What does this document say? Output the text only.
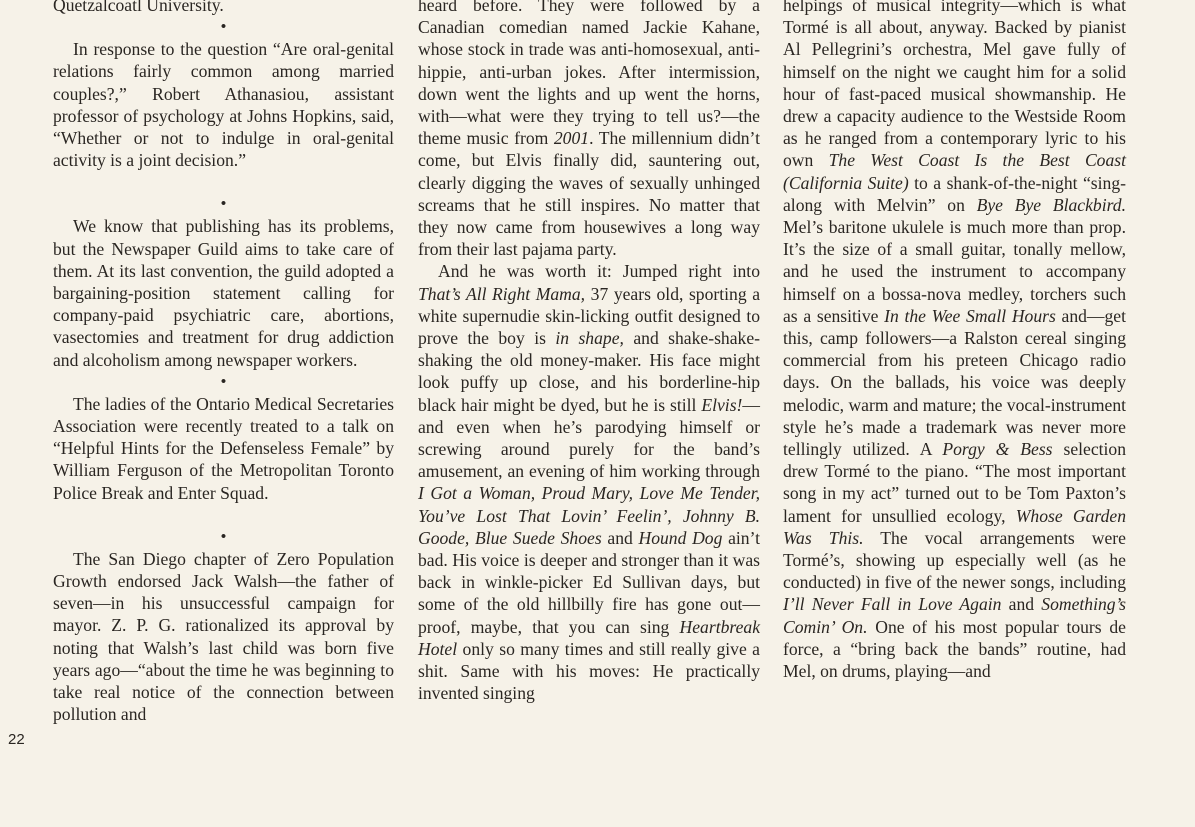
22

Quetzalcoatl University.

•

In response to the question “Are oral-genital relations fairly common among married couples?,” Robert Athanasiou, assistant professor of psychology at Johns Hopkins, said, “Whether or not to indulge in oral-genital activity is a joint decision.”

•

We know that publishing has its problems, but the Newspaper Guild aims to take care of them. At its last convention, the guild adopted a bargaining-position statement calling for company-paid psychiatric care, abortions, vasectomies and treatment for drug addiction and alcoholism among newspaper workers.

•

The ladies of the Ontario Medical Secretaries Association were recently treated to a talk on “Helpful Hints for the Defenseless Female” by William Ferguson of the Metropolitan Toronto Police Break and Enter Squad.

•

The San Diego chapter of Zero Population Growth endorsed Jack Walsh—the father of seven—in his unsuccessful campaign for mayor. Z. P. G. rationalized its approval by noting that Walsh’s last child was born five years ago—“about the time he was beginning to take real notice of the connection between pollution and

heard before. They were followed by a Canadian comedian named Jackie Kahane, whose stock in trade was anti-homosexual, anti-hippie, anti-urban jokes. After intermission, down went the lights and up went the horns, with—what were they trying to tell us?—the theme music from 2001. The millennium didn’t come, but Elvis finally did, sauntering out, clearly digging the waves of sexually unhinged screams that he still inspires. No matter that they now came from housewives a long way from their last pajama party.

And he was worth it: Jumped right into That’s All Right Mama, 37 years old, sporting a white supernudie skin-licking outfit designed to prove the boy is in shape, and shake-shake-shaking the old money-maker. His face might look puffy up close, and his borderline-hip black hair might be dyed, but he is still Elvis!—and even when he’s parodying himself or screwing around purely for the band’s amusement, an evening of him working through I Got a Woman, Proud Mary, Love Me Tender, You’ve Lost That Lovin’ Feelin’, Johnny B. Goode, Blue Suede Shoes and Hound Dog ain’t bad. His voice is deeper and stronger than it was back in winkle-picker Ed Sullivan days, but some of the old hillbilly fire has gone out—proof, maybe, that you can sing Heartbreak Hotel only so many times and still really give a shit. Same with his moves: He practically invented singing

helpings of musical integrity—which is what Tormé is all about, anyway. Backed by pianist Al Pellegrini’s orchestra, Mel gave fully of himself on the night we caught him for a solid hour of fast-paced musical showmanship. He drew a capacity audience to the Westside Room as he ranged from a contemporary lyric to his own The West Coast Is the Best Coast (California Suite) to a shank-of-the-night “sing-along with Melvin” on Bye Bye Blackbird. Mel’s baritone ukulele is much more than prop. It’s the size of a small guitar, tonally mellow, and he used the instrument to accompany himself on a bossa-nova medley, torchers such as a sensitive In the Wee Small Hours and—get this, camp followers—a Ralston cereal singing commercial from his preteen Chicago radio days. On the ballads, his voice was deeply melodic, warm and mature; the vocal-instrument style he’s made a trademark was never more tellingly utilized. A Porgy & Bess selection drew Tormé to the piano. “The most important song in my act” turned out to be Tom Paxton’s lament for unsullied ecology, Whose Garden Was This. The vocal arrangements were Tormé’s, showing up especially well (as he conducted) in five of the newer songs, including I’ll Never Fall in Love Again and Something’s Comin’ On. One of his most popular tours de force, a “bring back the bands” routine, had Mel, on drums, playing—and
